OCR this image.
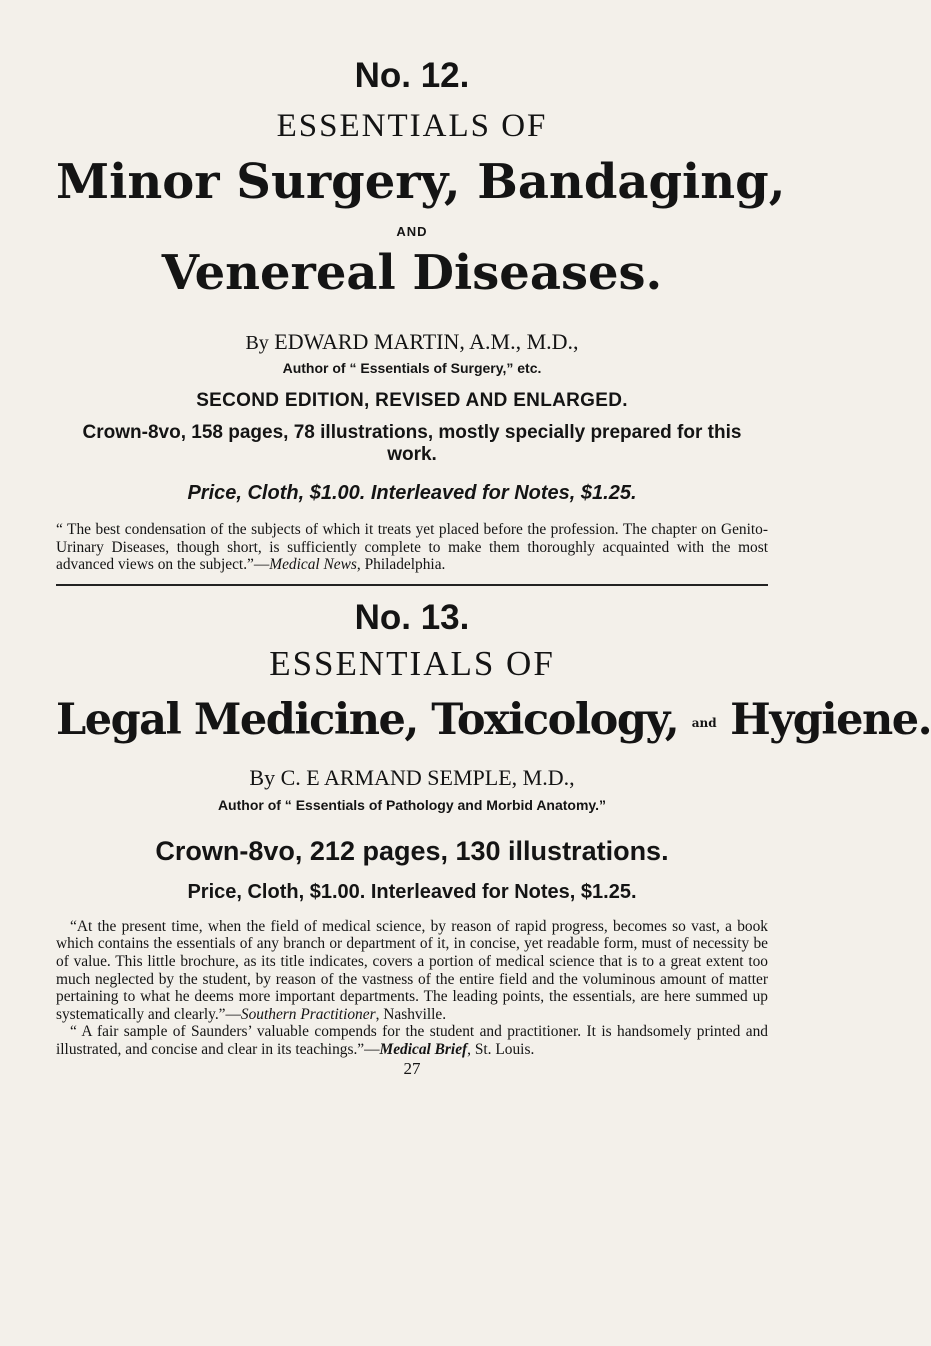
No. 12.
ESSENTIALS OF
Minor Surgery, Bandaging,
AND
Venereal Diseases.
By EDWARD MARTIN, A.M., M.D.,
Author of “ Essentials of Surgery,” etc.
SECOND EDITION, REVISED AND ENLARGED.
Crown-8vo, 158 pages, 78 illustrations, mostly specially prepared for this work.
Price, Cloth, $1.00. Interleaved for Notes, $1.25.
“ The best condensation of the subjects of which it treats yet placed before the profession. The chapter on Genito-Urinary Diseases, though short, is sufficiently complete to make them thoroughly acquainted with the most advanced views on the subject.”—Medical News, Philadelphia.
No. 13.
ESSENTIALS OF
Legal Medicine, Toxicology, and Hygiene.
By C. E ARMAND SEMPLE, M.D.,
Author of “ Essentials of Pathology and Morbid Anatomy.”
Crown-8vo, 212 pages, 130 illustrations.
Price, Cloth, $1.00. Interleaved for Notes, $1.25.

“At the present time, when the field of medical science, by reason of rapid progress, becomes so vast, a book which contains the essentials of any branch or department of it, in concise, yet readable form, must of necessity be of value. This little brochure, as its title indicates, covers a portion of medical science that is to a great extent too much neglected by the student, by reason of the vastness of the entire field and the voluminous amount of matter pertaining to what he deems more important departments. The leading points, the essentials, are here summed up systematically and clearly.”—Southern Practitioner, Nashville.

“ A fair sample of Saunders’ valuable compends for the student and practitioner. It is handsomely printed and illustrated, and concise and clear in its teachings.”—Medical Brief, St. Louis.

27
